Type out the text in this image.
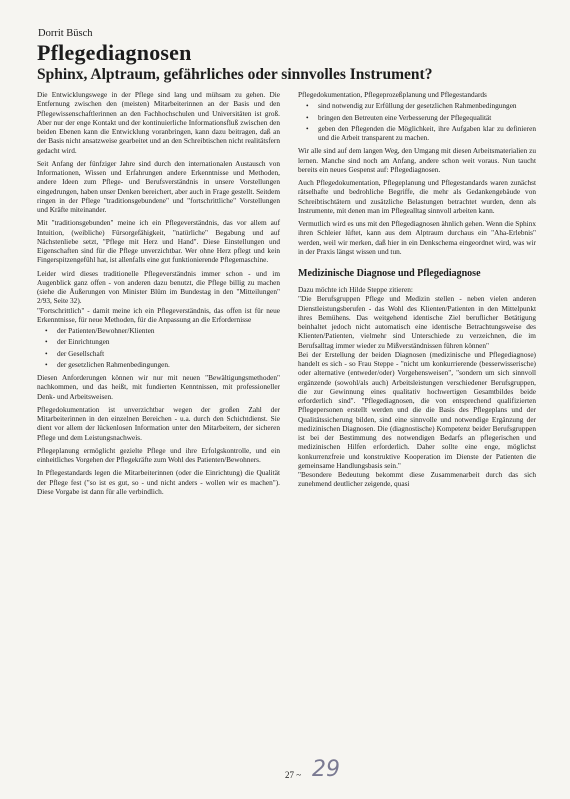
Dorrit Büsch
Pflegediagnosen
Sphinx, Alptraum, gefährliches oder sinnvolles Instrument?

Die Entwicklungswege in der Pflege sind lang und mühsam zu gehen. Die Entfernung zwischen den (meisten) Mitarbeiterinnen an der Basis und den Pflegewissenschaftlerinnen an den Fachhochschulen und Universitäten ist groß. Aber nur der enge Kontakt und der kontinuierliche Informationsfluß zwischen den beiden Ebenen kann die Entwicklung voranbringen, kann dazu beitragen, daß an der Basis nicht ansatzweise gearbeitet und an den Schreibtischen nicht realitätsfern gedacht wird.

Seit Anfang der fünfziger Jahre sind durch den internationalen Austausch von Informationen, Wissen und Erfahrungen andere Erkenntnisse und Methoden, andere Ideen zum Pflege- und Berufsverständnis in unsere Vorstellungen eingedrungen, haben unser Denken bereichert, aber auch in Frage gestellt. Seitdem ringen in der Pflege "traditionsgebundene" und "fortschrittliche" Vorstellungen und Kräfte miteinander.

Mit "traditionsgebunden" meine ich ein Pflegeverständnis, das vor allem auf Intuition, (weibliche) Fürsorgefähigkeit, "natürliche" Begabung und auf Nächstenliebe setzt, "Pflege mit Herz und Hand". Diese Einstellungen und Eigenschaften sind für die Pflege unverzichtbar. Wer ohne Herz pflegt und kein Fingerspitzengefühl hat, ist allenfalls eine gut funktionierende Pflegemaschine.

Leider wird dieses traditionelle Pflegeverständnis immer schon - und im Augenblick ganz offen - von anderen dazu benutzt, die Pflege billig zu machen (siehe die Äußerungen von Minister Blüm im Bundestag in den "Mitteilungen" 2/93, Seite 32).

"Fortschrittlich" - damit meine ich ein Pflegeverständnis, das offen ist für neue Erkenntnisse, für neue Methoden, für die Anpassung an die Erfordernisse

• der Patienten/Bewohner/Klienten
• der Einrichtungen
• der Gesellschaft
• der gesetzlichen Rahmenbedingungen.

Diesen Anforderungen können wir nur mit neuen "Bewältigungsmethoden" nachkommen, und das heißt, mit fundierten Kenntnissen, mit professioneller Denk- und Arbeitsweisen.

Pflegedokumentation ist unverzichtbar wegen der großen Zahl der Mitarbeiterinnen in den einzelnen Bereichen - u.a. durch den Schichtdienst. Sie dient vor allem der lückenlosen Information unter den Mitarbeitern, der sicheren Pflege und dem Leistungsnachweis.

Pflegeplanung ermöglicht gezielte Pflege und ihre Erfolgskontrolle, und ein einheitliches Vorgehen der Pflegekräfte zum Wohl des Patienten/Bewohners.

In Pflegestandards legen die Mitarbeiterinnen (oder die Einrichtung) die Qualität der Pflege fest ("so ist es gut, so - und nicht anders - wollen wir es machen"). Diese Vorgabe ist dann für alle verbindlich.

Pflegedokumentation, Pflegeprozeßplanung und Pflegestandards

• sind notwendig zur Erfüllung der gesetzlichen Rahmenbedingungen
• bringen den Betreuten eine Verbesserung der Pflegequalität
• geben den Pflegenden die Möglichkeit, ihre Aufgaben klar zu definieren und die Arbeit transparent zu machen.

Wir alle sind auf dem langen Weg, den Umgang mit diesen Arbeitsmaterialien zu lernen. Manche sind noch am Anfang, andere schon weit voraus. Nun taucht bereits ein neues Gespenst auf: Pflegediagnosen.

Auch Pflegedokumentation, Pflegeplanung und Pflegestandards waren zunächst rätselhafte und bedrohliche Begriffe, die mehr als Gedankengebäude von Schreibtischtätern und zusätzliche Belastungen betrachtet wurden, denn als Instrumente, mit denen man im Pflegealltag sinnvoll arbeiten kann.

Vermutlich wird es uns mit den Pflegediagnosen ähnlich gehen. Wenn die Sphinx ihren Schleier lüftet, kann aus dem Alptraum durchaus ein "Aha-Erlebnis" werden, weil wir merken, daß hier in ein Denkschema eingeordnet wird, was wir in der Praxis längst wissen und tun.

Medizinische Diagnose und Pflegediagnose

Dazu möchte ich Hilde Steppe zitieren:

"Die Berufsgruppen Pflege und Medizin stellen - neben vielen anderen Dienstleistungsberufen - das Wohl des Klienten/Patienten in den Mittelpunkt ihres Bemühens. Das weitgehend identische Ziel beruflicher Betätigung beinhaltet jedoch nicht automatisch eine identische Betrachtungsweise des Klienten/Patienten, vielmehr sind Unterschiede zu verzeichnen, die im Berufsalltag immer wieder zu Mißverständnissen führen können"

Bei der Erstellung der beiden Diagnosen (medizinische und Pflegediagnose) handelt es sich - so Frau Steppe - "nicht um konkurrierende (besserwisserische) oder alternative (entweder/oder) Vorgehensweisen", "sondern um sich sinnvoll ergänzende (sowohl/als auch) Arbeitsleistungen verschiedener Berufsgruppen, die zur Gewinnung eines qualitativ hochwertigen Gesamtbildes beide erforderlich sind". "Pflegediagnosen, die von entsprechend qualifizierten Pflegepersonen erstellt werden und die die Basis des Pflegeplans und der Qualitätssicherung bilden, sind eine sinnvolle und notwendige Ergänzung der medizinischen Diagnosen. Die (diagnostische) Kompetenz beider Berufsgruppen ist bei der Bestimmung des notwendigen Bedarfs an pflegerischen und medizinischen Hilfen erforderlich. Daher sollte eine enge, möglichst konkurrenzfreie und konstruktive Kooperation im Dienste der Patienten die gemeinsame Handlungsbasis sein."

"Besondere Bedeutung bekommt diese Zusammenarbeit durch das sich zunehmend deutlicher zeigende, quasi

27 ~ 29
